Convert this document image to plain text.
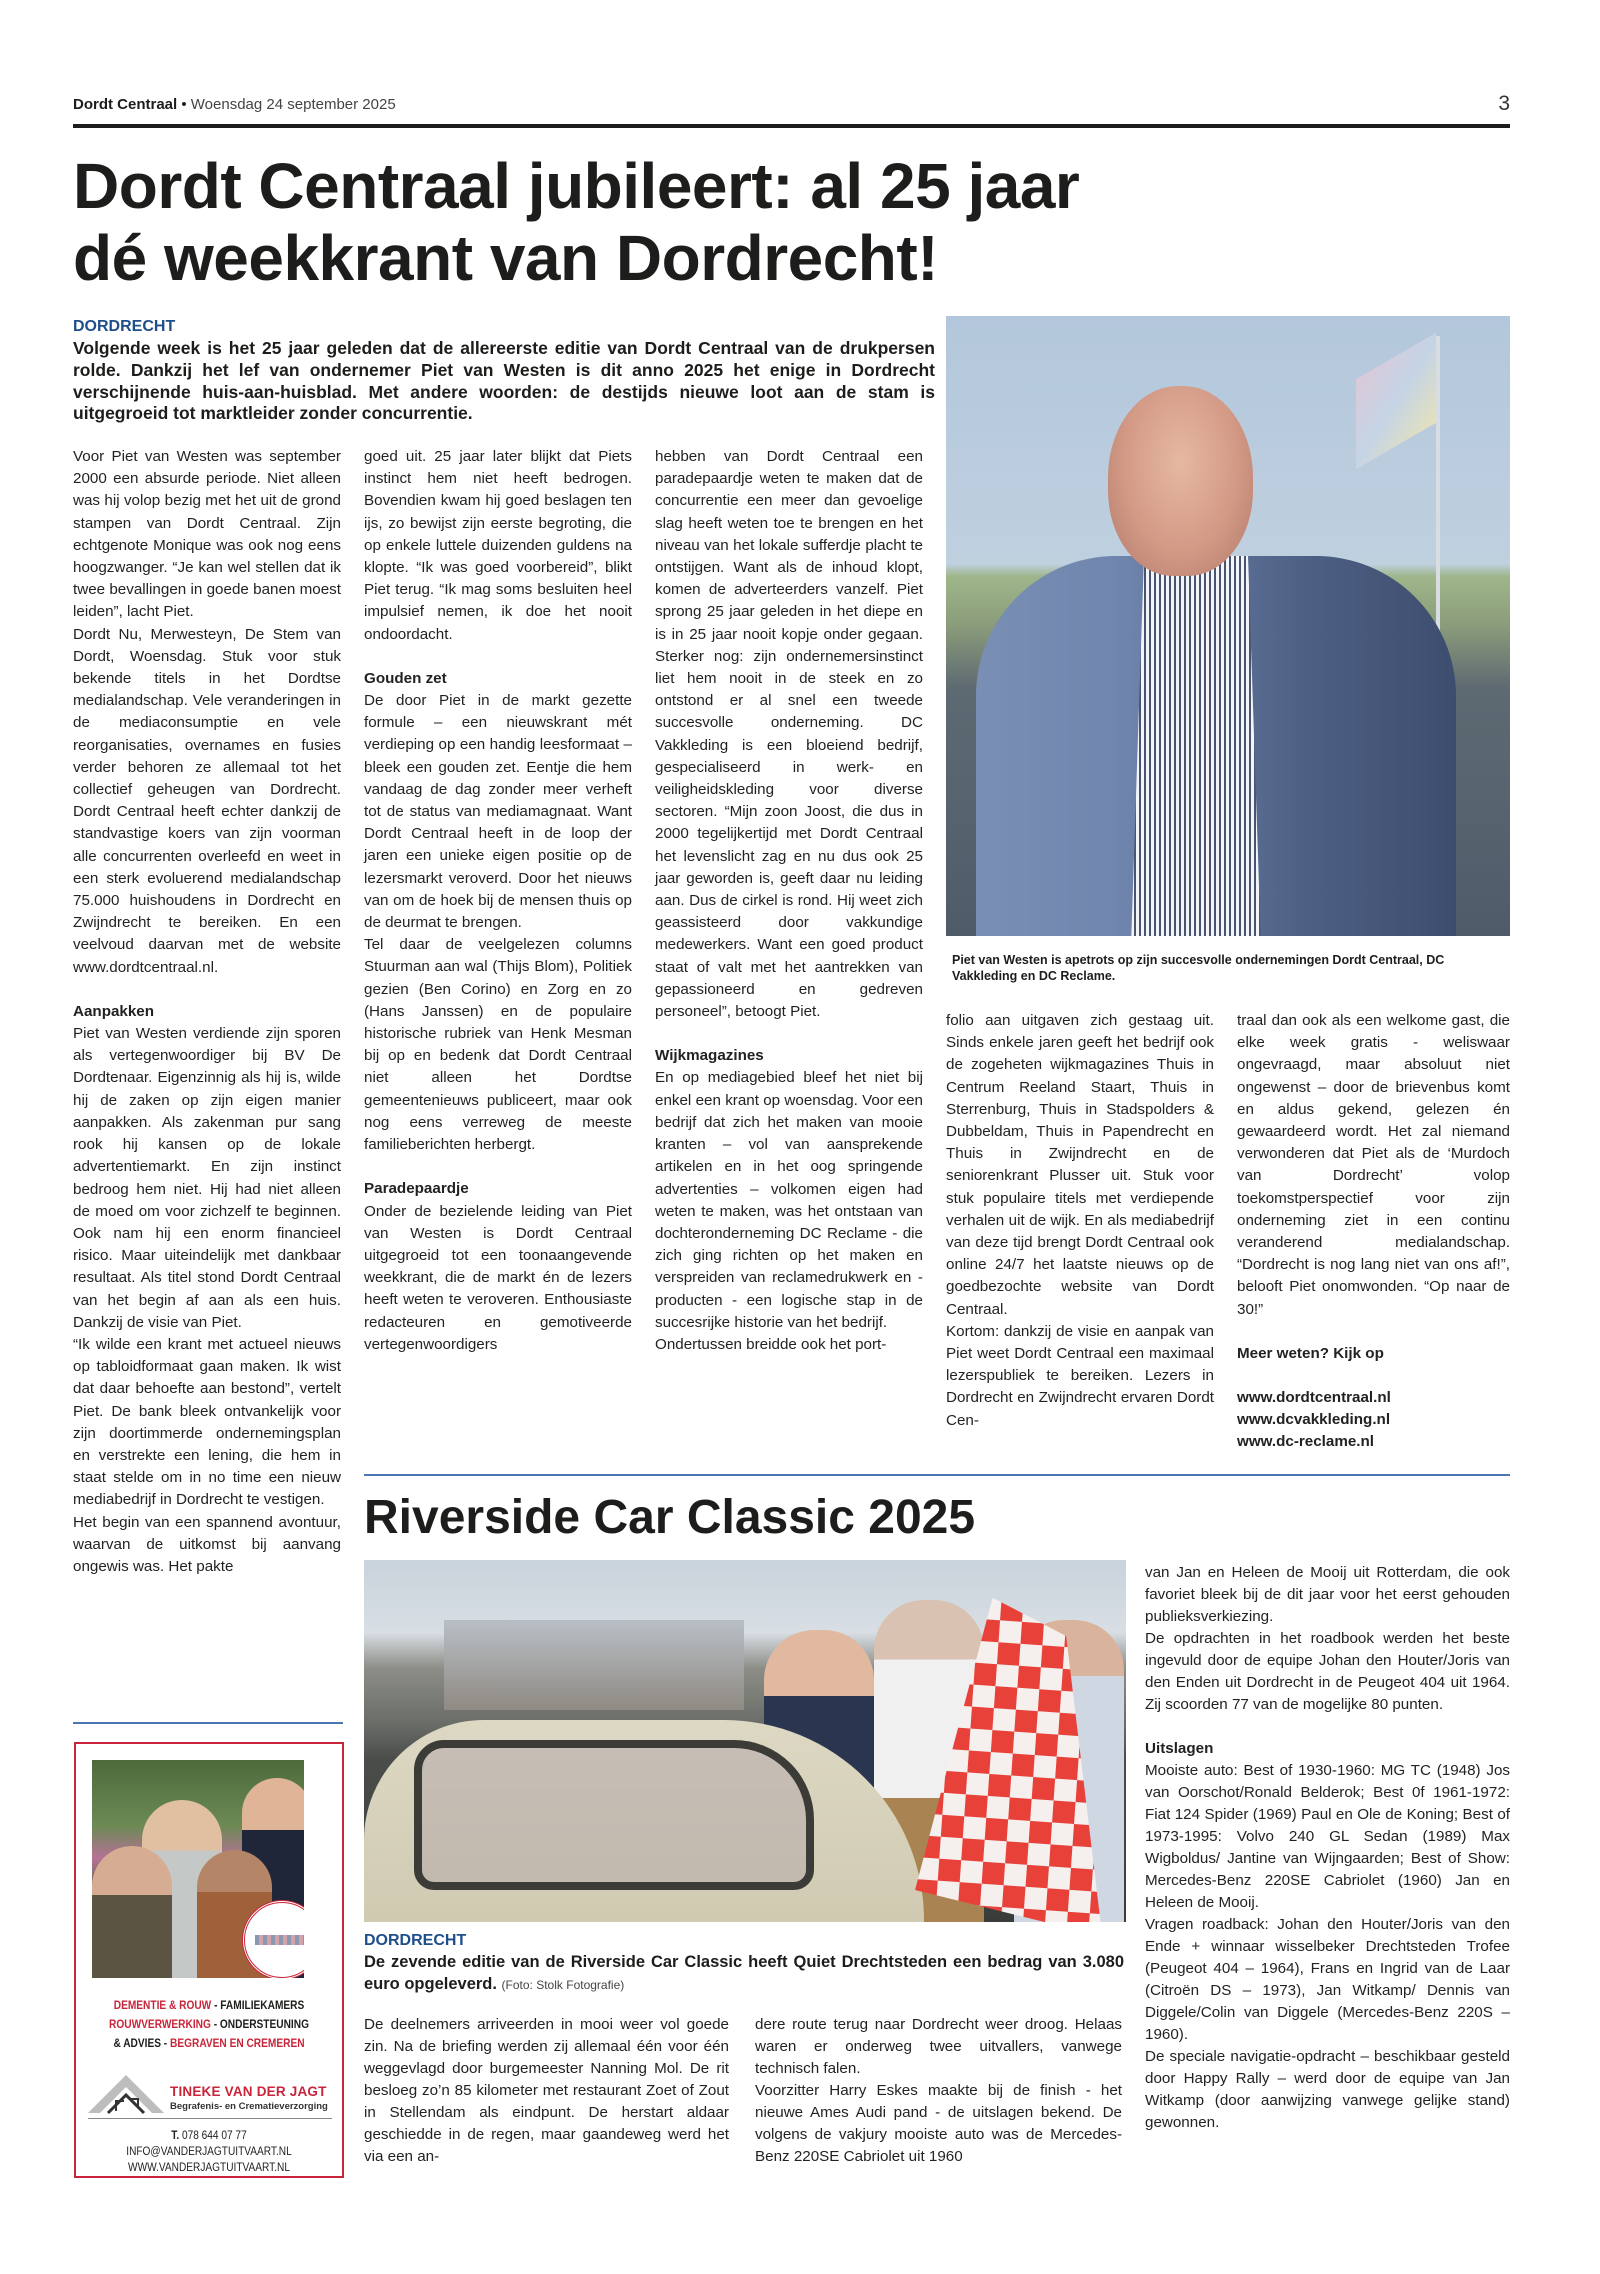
Dordt Centraal • Woensdag 24 september 2025	3
Dordt Centraal jubileert: al 25 jaar
dé weekkrant van Dordrecht!
DORDRECHT
Volgende week is het 25 jaar geleden dat de allereerste editie van Dordt Centraal van de drukpersen rolde. Dankzij het lef van ondernemer Piet van Westen is dit anno 2025 het enige in Dordrecht verschijnende huis-aan-huisblad. Met andere woorden: de destijds nieuwe loot aan de stam is uitgegroeid tot marktleider zonder concurrentie.

Voor Piet van Westen was september 2000 een absurde periode. Niet alleen was hij volop bezig met het uit de grond stampen van Dordt Centraal. Zijn echtgenote Monique was ook nog eens hoogzwanger. “Je kan wel stellen dat ik twee bevallingen in goede banen moest leiden”, lacht Piet.

Dordt Nu, Merwesteyn, De Stem van Dordt, Woensdag. Stuk voor stuk bekende titels in het Dordtse medialandschap. Vele veranderingen in de mediaconsumptie en vele reorganisaties, overnames en fusies verder behoren ze allemaal tot het collectief geheugen van Dordrecht. Dordt Centraal heeft echter dankzij de standvastige koers van zijn voorman alle concurrenten overleefd en weet in een sterk evoluerend medialandschap 75.000 huishoudens in Dordrecht en Zwijndrecht te bereiken. En een veelvoud daarvan met de website www.dordtcentraal.nl.

Aanpakken

Piet van Westen verdiende zijn sporen als vertegenwoordiger bij BV De Dordtenaar. Eigenzinnig als hij is, wilde hij de zaken op zijn eigen manier aanpakken. Als zakenman pur sang rook hij kansen op de lokale advertentiemarkt. En zijn instinct bedroog hem niet. Hij had niet alleen de moed om voor zichzelf te beginnen. Ook nam hij een enorm financieel risico. Maar uiteindelijk met dankbaar resultaat. Als titel stond Dordt Centraal van het begin af aan als een huis. Dankzij de visie van Piet.

“Ik wilde een krant met actueel nieuws op tabloidformaat gaan maken. Ik wist dat daar behoefte aan bestond”, vertelt Piet. De bank bleek ontvankelijk voor zijn doortimmerde ondernemingsplan en verstrekte een lening, die hem in staat stelde om in no time een nieuw mediabedrijf in Dordrecht te vestigen.

Het begin van een spannend avontuur, waarvan de uitkomst bij aanvang ongewis was. Het pakte

goed uit. 25 jaar later blijkt dat Piets instinct hem niet heeft bedrogen. Bovendien kwam hij goed beslagen ten ijs, zo bewijst zijn eerste begroting, die op enkele luttele duizenden guldens na klopte. “Ik was goed voorbereid”, blikt Piet terug. “Ik mag soms besluiten heel impulsief nemen, ik doe het nooit ondoordacht.

Gouden zet

De door Piet in de markt gezette formule – een nieuwskrant mét verdieping op een handig leesformaat – bleek een gouden zet. Eentje die hem vandaag de dag zonder meer verheft tot de status van mediamagnaat. Want Dordt Centraal heeft in de loop der jaren een unieke eigen positie op de lezersmarkt veroverd. Door het nieuws van om de hoek bij de mensen thuis op de deurmat te brengen.

Tel daar de veelgelezen columns Stuurman aan wal (Thijs Blom), Politiek gezien (Ben Corino) en Zorg en zo (Hans Janssen) en de populaire historische rubriek van Henk Mesman bij op en bedenk dat Dordt Centraal niet alleen het Dordtse gemeentenieuws publiceert, maar ook nog eens verreweg de meeste familieberichten herbergt.

Paradepaardje

Onder de bezielende leiding van Piet van Westen is Dordt Centraal uitgegroeid tot een toonaangevende weekkrant, die de markt én de lezers heeft weten te veroveren. Enthousiaste redacteuren en gemotiveerde vertegenwoordigers

hebben van Dordt Centraal een paradepaardje weten te maken dat de concurrentie een meer dan gevoelige slag heeft weten toe te brengen en het niveau van het lokale sufferdje placht te ontstijgen. Want als de inhoud klopt, komen de adverteerders vanzelf. Piet sprong 25 jaar geleden in het diepe en is in 25 jaar nooit kopje onder gegaan. Sterker nog: zijn ondernemersinstinct liet hem nooit in de steek en zo ontstond er al snel een tweede succesvolle onderneming. DC Vakkleding is een bloeiend bedrijf, gespecialiseerd in werk- en veiligheidskleding voor diverse sectoren. “Mijn zoon Joost, die dus in 2000 tegelijkertijd met Dordt Centraal het levenslicht zag en nu dus ook 25 jaar geworden is, geeft daar nu leiding aan. Dus de cirkel is rond. Hij weet zich geassisteerd door vakkundige medewerkers. Want een goed product staat of valt met het aantrekken van gepassioneerd en gedreven personeel”, betoogt Piet.

Wijkmagazines

En op mediagebied bleef het niet bij enkel een krant op woensdag. Voor een bedrijf dat zich het maken van mooie kranten – vol van aansprekende artikelen en in het oog springende advertenties – volkomen eigen had weten te maken, was het ontstaan van dochteronderneming DC Reclame - die zich ging richten op het maken en verspreiden van reclamedrukwerk en -producten - een logische stap in de succesrijke historie van het bedrijf.

Ondertussen breidde ook het port-

Piet van Westen is apetrots op zijn succesvolle ondernemingen Dordt Centraal, DC Vakkleding en DC Reclame.

folio aan uitgaven zich gestaag uit. Sinds enkele jaren geeft het bedrijf ook de zogeheten wijkmagazines Thuis in Centrum Reeland Staart, Thuis in Sterrenburg, Thuis in Stadspolders & Dubbeldam, Thuis in Papendrecht en Thuis in Zwijndrecht en de seniorenkrant Plusser uit. Stuk voor stuk populaire titels met verdiepende verhalen uit de wijk. En als mediabedrijf van deze tijd brengt Dordt Centraal ook online 24/7 het laatste nieuws op de goedbezochte website van Dordt Centraal.

Kortom: dankzij de visie en aanpak van Piet weet Dordt Centraal een maximaal lezerspubliek te bereiken. Lezers in Dordrecht en Zwijndrecht ervaren Dordt Cen-

traal dan ook als een welkome gast, die elke week gratis - weliswaar ongevraagd, maar absoluut niet ongewenst – door de brievenbus komt en aldus gekend, gelezen én gewaardeerd wordt. Het zal niemand verwonderen dat Piet als de ‘Murdoch van Dordrecht’ volop toekomstperspectief voor zijn onderneming ziet in een continu veranderend medialandschap. “Dordrecht is nog lang niet van ons af!”, belooft Piet onomwonden. “Op naar de 30!”

Meer weten? Kijk op
www.dordtcentraal.nl
www.dcvakkleding.nl
www.dc-reclame.nl
Riverside Car Classic 2025
DORDRECHT
De zevende editie van de Riverside Car Classic heeft Quiet Drechtsteden een bedrag van 3.080 euro opgeleverd. (Foto: Stolk Fotografie)

De deelnemers arriveerden in mooi weer vol goede zin. Na de briefing werden zij allemaal één voor één weggevlagd door burgemeester Nanning Mol. De rit besloeg zo’n 85 kilometer met restaurant Zoet of Zout in Stellendam als eindpunt. De herstart aldaar geschiedde in de regen, maar gaandeweg werd het via een an-

dere route terug naar Dordrecht weer droog. Helaas waren er onderweg twee uitvallers, vanwege technisch falen.

Voorzitter Harry Eskes maakte bij de finish - het nieuwe Ames Audi pand - de uitslagen bekend. De volgens de vakjury mooiste auto was de Mercedes-Benz 220SE Cabriolet uit 1960

van Jan en Heleen de Mooij uit Rotterdam, die ook favoriet bleek bij de dit jaar voor het eerst gehouden publieksverkiezing.

De opdrachten in het roadbook werden het beste ingevuld door de equipe Johan den Houter/Joris van den Enden uit Dordrecht in de Peugeot 404 uit 1964. Zij scoorden 77 van de mogelijke 80 punten.

Uitslagen

Mooiste auto: Best of 1930-1960: MG TC (1948) Jos van Oorschot/Ronald Belderok; Best 0f 1961-1972: Fiat 124 Spider (1969) Paul en Ole de Koning; Best of 1973-1995: Volvo 240 GL Sedan (1989) Max Wigboldus/ Jantine van Wijngaarden; Best of Show: Mercedes-Benz 220SE Cabriolet (1960) Jan en Heleen de Mooij.

Vragen roadback: Johan den Houter/Joris van den Ende + winnaar wisselbeker Drechtsteden Trofee (Peugeot 404 – 1964), Frans en Ingrid van de Laar (Citroën DS – 1973), Jan Witkamp/ Dennis van Diggele/Colin van Diggele (Mercedes-Benz 220S – 1960).

De speciale navigatie-opdracht – beschikbaar gesteld door Happy Rally – werd door de equipe van Jan Witkamp (door aanwijzing vanwege gelijke stand) gewonnen.

DEMENTIE & ROUW - FAMILIEKAMERS
ROUWVERWERKING - ONDERSTEUNING
& ADVIES - BEGRAVEN EN CREMEREN
TINEKE VAN DER JAGT
Begrafenis- en Crematieverzorging
T. 078 644 07 77
INFO@VANDERJAGTUITVAART.NL
WWW.VANDERJAGTUITVAART.NL
